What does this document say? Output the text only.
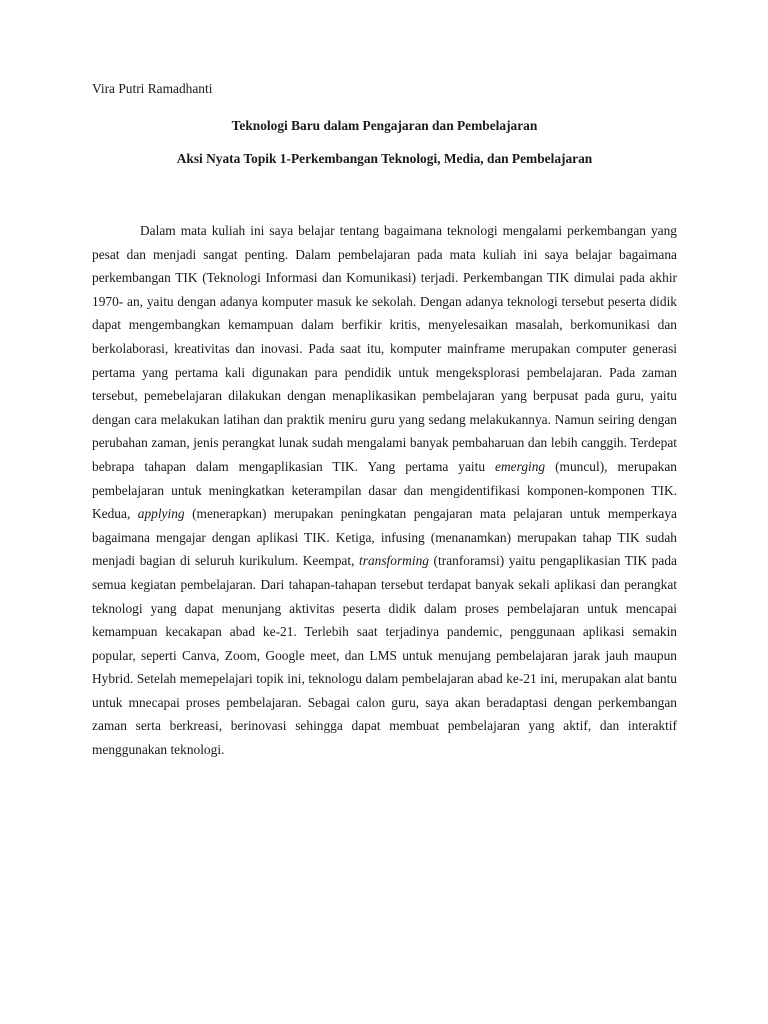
Vira Putri Ramadhanti

Teknologi Baru dalam Pengajaran dan Pembelajaran

Aksi Nyata Topik 1-Perkembangan Teknologi, Media, dan Pembelajaran

Dalam mata kuliah ini saya belajar tentang bagaimana teknologi mengalami perkembangan yang pesat dan menjadi sangat penting. Dalam pembelajaran pada mata kuliah ini saya belajar bagaimana perkembangan TIK (Teknologi Informasi dan Komunikasi) terjadi. Perkembangan TIK dimulai pada akhir 1970- an, yaitu dengan adanya komputer masuk ke sekolah. Dengan adanya teknologi tersebut peserta didik dapat mengembangkan kemampuan dalam berfikir kritis, menyelesaikan masalah, berkomunikasi dan berkolaborasi, kreativitas dan inovasi. Pada saat itu, komputer mainframe merupakan computer generasi pertama yang pertama kali digunakan para pendidik untuk mengeksplorasi pembelajaran. Pada zaman tersebut, pemebelajaran dilakukan dengan menaplikasikan pembelajaran yang berpusat pada guru, yaitu dengan cara melakukan latihan dan praktik meniru guru yang sedang melakukannya. Namun seiring dengan perubahan zaman, jenis perangkat lunak sudah mengalami banyak pembaharuan dan lebih canggih. Terdepat bebrapa tahapan dalam mengaplikasian TIK. Yang pertama yaitu emerging (muncul), merupakan pembelajaran untuk meningkatkan keterampilan dasar dan mengidentifikasi komponen-komponen TIK. Kedua, applying (menerapkan) merupakan peningkatan pengajaran mata pelajaran untuk memperkaya bagaimana mengajar dengan aplikasi TIK. Ketiga, infusing (menanamkan) merupakan tahap TIK sudah menjadi bagian di seluruh kurikulum. Keempat, transforming (tranforamsi) yaitu pengaplikasian TIK pada semua kegiatan pembelajaran. Dari tahapan-tahapan tersebut terdapat banyak sekali aplikasi dan perangkat teknologi yang dapat menunjang aktivitas peserta didik dalam proses pembelajaran untuk mencapai kemampuan kecakapan abad ke-21. Terlebih saat terjadinya pandemic, penggunaan aplikasi semakin popular, seperti Canva, Zoom, Google meet, dan LMS untuk menujang pembelajaran jarak jauh maupun Hybrid. Setelah memepelajari topik ini, teknologu dalam pembelajaran abad ke-21 ini, merupakan alat bantu untuk mnecapai proses pembelajaran. Sebagai calon guru, saya akan beradaptasi dengan perkembangan zaman serta berkreasi, berinovasi sehingga dapat membuat pembelajaran yang aktif, dan interaktif menggunakan teknologi.
